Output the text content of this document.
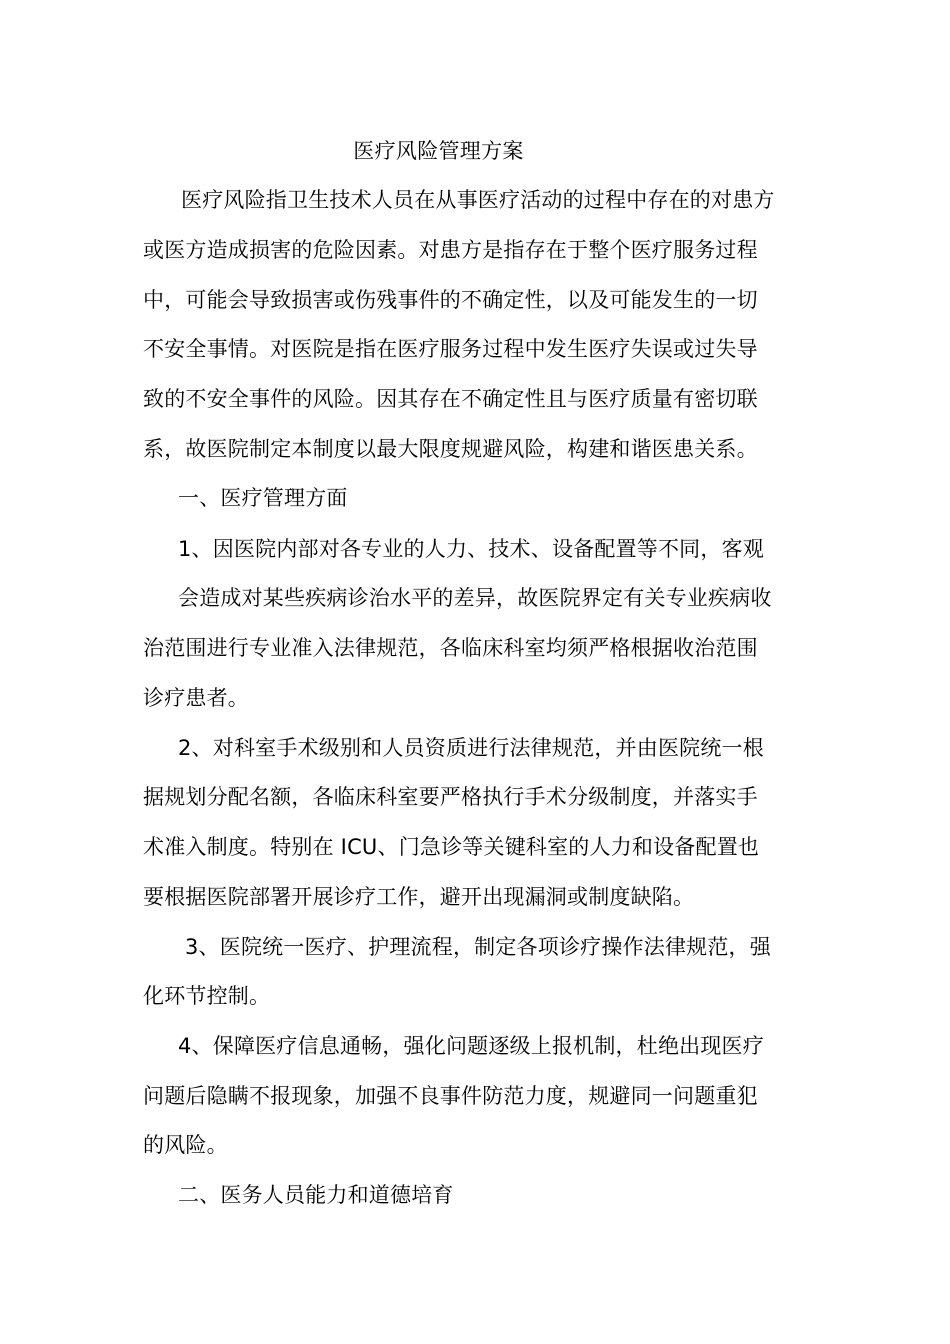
医疗风险管理方案
医疗风险指卫生技术人员在从事医疗活动的过程中存在的对患方
或医方造成损害的危险因素。对患方是指存在于整个医疗服务过程
中，可能会导致损害或伤残事件的不确定性，以及可能发生的一切
不安全事情。对医院是指在医疗服务过程中发生医疗失误或过失导
致的不安全事件的风险。因其存在不确定性且与医疗质量有密切联
系，故医院制定本制度以最大限度规避风险，构建和谐医患关系。
一、医疗管理方面
1、因医院内部对各专业的人力、技术、设备配置等不同，客观
会造成对某些疾病诊治水平的差异，故医院界定有关专业疾病收
治范围进行专业准入法律规范，各临床科室均须严格根据收治范围
诊疗患者。
2、对科室手术级别和人员资质进行法律规范，并由医院统一根
据规划分配名额，各临床科室要严格执行手术分级制度，并落实手
术准入制度。特别在 ICU、门急诊等关键科室的人力和设备配置也
要根据医院部署开展诊疗工作，避开出现漏洞或制度缺陷。
3、医院统一医疗、护理流程，制定各项诊疗操作法律规范，强
化环节控制。
4、保障医疗信息通畅，强化问题逐级上报机制，杜绝出现医疗
问题后隐瞒不报现象，加强不良事件防范力度，规避同一问题重犯
的风险。
二、医务人员能力和道德培育
